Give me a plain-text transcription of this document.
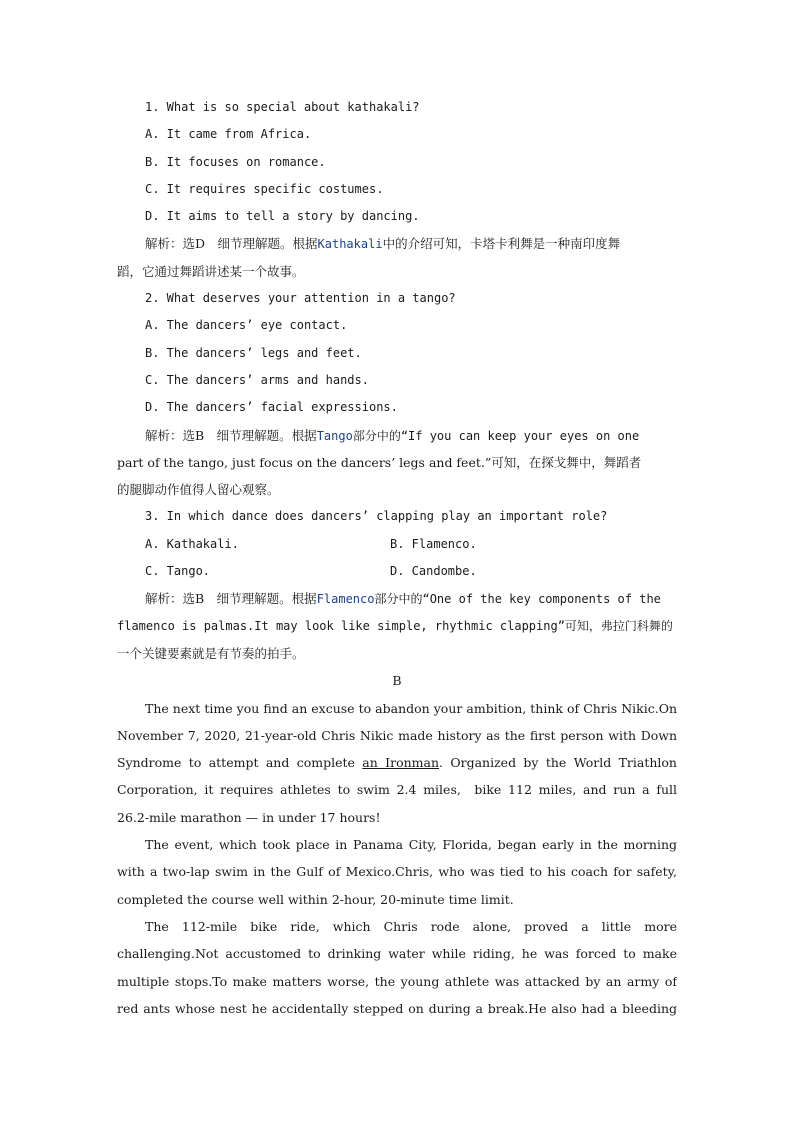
1. What is so special about kathakali?
A. It came from Africa.
B. It focuses on romance.
C. It requires specific costumes.
D. It aims to tell a story by dancing.
解析：选D　细节理解题。根据Kathakali中的介绍可知，卡塔卡利舞是一种南印度舞
蹈，它通过舞蹈讲述某一个故事。
2. What deserves your attention in a tango?
A. The dancers’ eye contact.
B. The dancers’ legs and feet.
C. The dancers’ arms and hands.
D. The dancers’ facial expressions.
解析：选B　细节理解题。根据Tango部分中的“If you can keep your eyes on one
part of the tango, just focus on the dancers’ legs and feet.”可知，在探戈舞中，舞蹈者
的腿脚动作值得人留心观察。
3. In which dance does dancers’ clapping play an important role?
A. Kathakali.	B. Flamenco.
C. Tango.	D. Candombe.
解析：选B　细节理解题。根据Flamenco部分中的“One of the key components of the
flamenco is palmas.It may look like simple, rhythmic clapping”可知，弗拉门科舞的
一个关键要素就是有节奏的拍手。
B
The next time you find an excuse to abandon your ambition, think of Chris Nikic.On
November 7, 2020, 21-year-old Chris Nikic made history as the first person with Down
Syndrome to attempt and complete an Ironman. Organized by the World Triathlon
Corporation, it requires athletes to swim 2.4 miles,  bike 112 miles, and run a full
26.2-mile marathon — in under 17 hours!
The event, which took place in Panama City, Florida, began early in the morning
with a two-lap swim in the Gulf of Mexico.Chris, who was tied to his coach for safety,
completed the course well within 2-hour, 20-minute time limit.
The 112-mile bike ride, which Chris rode alone, proved a little more
challenging.Not accustomed to drinking water while riding, he was forced to make
multiple stops.To make matters worse, the young athlete was attacked by an army of
red ants whose nest he accidentally stepped on during a break.He also had a bleeding
